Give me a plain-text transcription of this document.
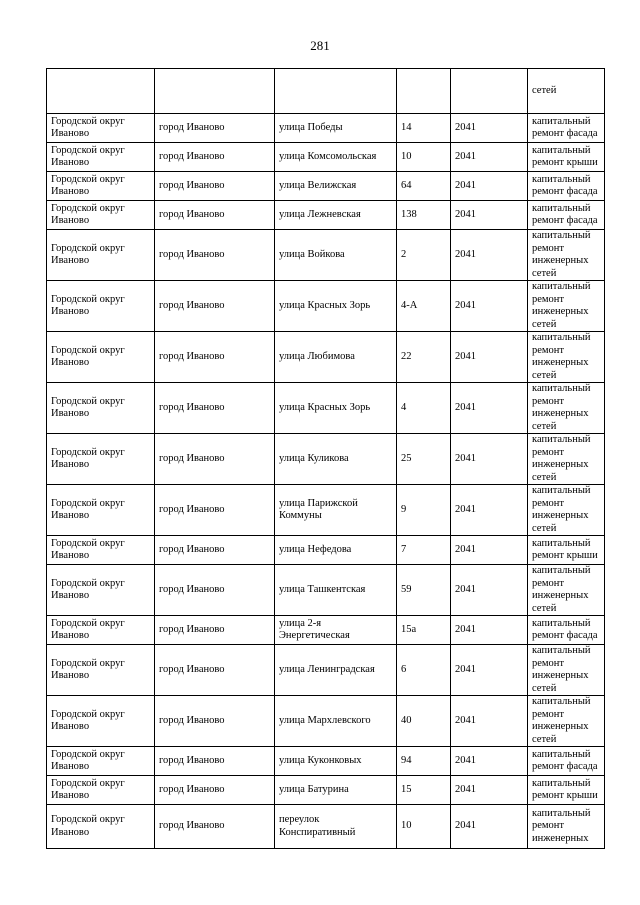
281
					сетей
Городской округ Иваново	город Иваново	улица Победы	14	2041	капитальный ремонт фасада
Городской округ Иваново	город Иваново	улица Комсомольская	10	2041	капитальный ремонт крыши
Городской округ Иваново	город Иваново	улица Велижская	64	2041	капитальный ремонт фасада
Городской округ Иваново	город Иваново	улица Лежневская	138	2041	капитальный ремонт фасада
Городской округ Иваново	город Иваново	улица Войкова	2	2041	капитальный ремонт инженерных сетей
Городской округ Иваново	город Иваново	улица Красных Зорь	4-А	2041	капитальный ремонт инженерных сетей
Городской округ Иваново	город Иваново	улица Любимова	22	2041	капитальный ремонт инженерных сетей
Городской округ Иваново	город Иваново	улица Красных Зорь	4	2041	капитальный ремонт инженерных сетей
Городской округ Иваново	город Иваново	улица Куликова	25	2041	капитальный ремонт инженерных сетей
Городской округ Иваново	город Иваново	улица Парижской Коммуны	9	2041	капитальный ремонт инженерных сетей
Городской округ Иваново	город Иваново	улица Нефедова	7	2041	капитальный ремонт крыши
Городской округ Иваново	город Иваново	улица Ташкентская	59	2041	капитальный ремонт инженерных сетей
Городской округ Иваново	город Иваново	улица 2-я Энергетическая	15а	2041	капитальный ремонт фасада
Городской округ Иваново	город Иваново	улица Ленинградская	6	2041	капитальный ремонт инженерных сетей
Городской округ Иваново	город Иваново	улица Мархлевского	40	2041	капитальный ремонт инженерных сетей
Городской округ Иваново	город Иваново	улица Куконковых	94	2041	капитальный ремонт фасада
Городской округ Иваново	город Иваново	улица Батурина	15	2041	капитальный ремонт крыши
Городской округ Иваново	город Иваново	переулок Конспиративный	10	2041	капитальный ремонт инженерных
